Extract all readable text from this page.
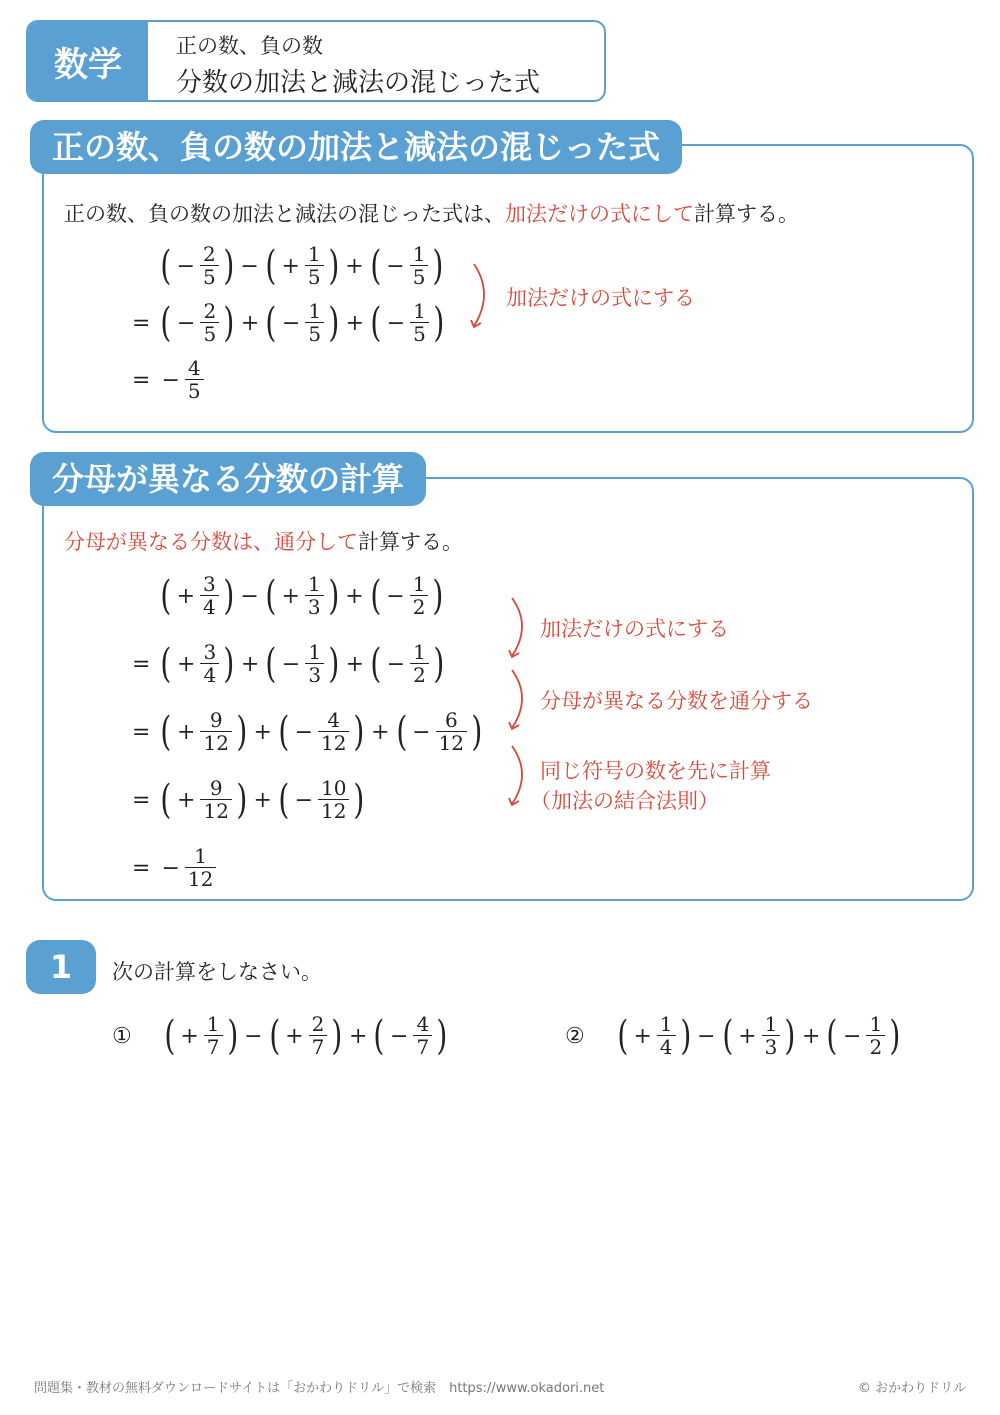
数学	正の数、負の数
分数の加法と減法の混じった式
正の数、負の数の加法と減法の混じった式
正の数、負の数の加法と減法の混じった式は、加法だけの式にして計算する。
( − $\frac{2}{5}$ ) − ( + $\frac{1}{5}$ ) + ( − $\frac{1}{5}$ )
= ( − $\frac{2}{5}$ ) + ( − $\frac{1}{5}$ ) + ( − $\frac{1}{5}$ )
= − $\frac{4}{5}$
加法だけの式にする
分母が異なる分数の計算
分母が異なる分数は、通分して計算する。
( + $\frac{3}{4}$ ) − ( + $\frac{1}{3}$ ) + ( − $\frac{1}{2}$ )
= ( + $\frac{3}{4}$ ) + ( − $\frac{1}{3}$ ) + ( − $\frac{1}{2}$ )
= ( + $\frac{9}{12}$ ) + ( − $\frac{4}{12}$ ) + ( − $\frac{6}{12}$ )
= ( + $\frac{9}{12}$ ) + ( − $\frac{10}{12}$ )
= − $\frac{1}{12}$
加法だけの式にする
分母が異なる分数を通分する
同じ符号の数を先に計算
（加法の結合法則）
1	次の計算をしなさい。
① ( + $\frac{1}{7}$ ) − ( + $\frac{2}{7}$ ) + ( − $\frac{4}{7}$ )	② ( + $\frac{1}{4}$ ) − ( + $\frac{1}{3}$ ) + ( − $\frac{1}{2}$ )
問題集・教材の無料ダウンロードサイトは「おかわりドリル」で検索　https://www.okadori.net	© おかわりドリル
